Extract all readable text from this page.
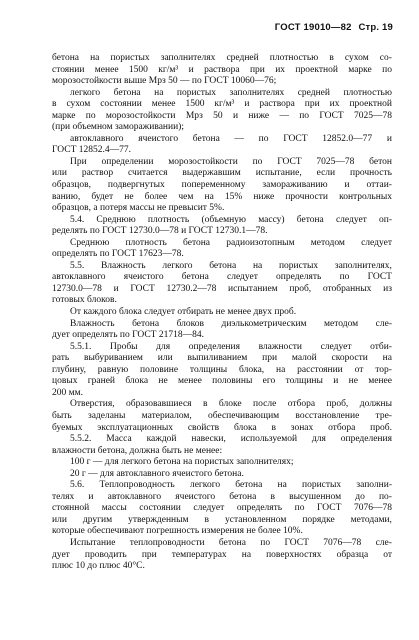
ГОСТ 19010—82 Стр. 19
бетона на пористых заполнителях средней плотностью в сухом со-
стоянии менее 1500 кг/м³ и раствора при их проектной марке по
морозостойкости выше Мрз 50 — по ГОСТ 10060—76;
легкого бетона на пористых заполнителях средней плотностью
в сухом состоянии менее 1500 кг/м³ и раствора при их проектной
марке по морозостойкости Мрз 50 и ниже — по ГОСТ 7025—78
(при объемном замораживании);
автоклавного ячеистого бетона — по ГОСТ 12852.0—77 и
ГОСТ 12852.4—77.
При определении морозостойкости по ГОСТ 7025—78 бетон
или раствор считается выдержавшим испытание, если прочность
образцов, подвергнутых попеременному замораживанию и оттаи-
ванию, будет не более чем на 15% ниже прочности контрольных
образцов, а потеря массы не превысит 5%.
5.4. Среднюю плотность (объемную массу) бетона следует оп-
ределять по ГОСТ 12730.0—78 и ГОСТ 12730.1—78.
Среднюю плотность бетона радиоизотопным методом следует
определять по ГОСТ 17623—78.
5.5. Влажность легкого бетона на пористых заполнителях,
автоклавного ячеистого бетона следует определять по ГОСТ
12730.0—78 и ГОСТ 12730.2—78 испытанием проб, отобранных из
готовых блоков.
От каждого блока следует отбирать не менее двух проб.
Влажность бетона блоков диэлькометрическим методом сле-
дует определять по ГОСТ 21718—84.
5.5.1. Пробы для определения влажности следует отби-
рать выбуриванием или выпиливанием при малой скорости на
глубину, равную половине толщины блока, на расстоянии от тор-
цовых граней блока не менее половины его толщины и не менее
200 мм.
Отверстия, образовавшиеся в блоке после отбора проб, должны
быть заделаны материалом, обеспечивающим восстановление тре-
буемых эксплуатационных свойств блока в зонах отбора проб.
5.5.2. Масса каждой навески, используемой для определения
влажности бетона, должна быть не менее:
100 г — для легкого бетона на пористых заполнителях;
20 г — для автоклавного ячеистого бетона.
5.6. Теплопроводность легкого бетона на пористых заполни-
телях и автоклавного ячеистого бетона в высушенном до по-
стоянной массы состоянии следует определять по ГОСТ 7076—78
или другим утвержденным в установленном порядке методами,
которые обеспечивают погрешность измерения не более 10%.
Испытание теплопроводности бетона по ГОСТ 7076—78 сле-
дует проводить при температурах на поверхностях образца от
плюс 10 до плюс 40°С.
